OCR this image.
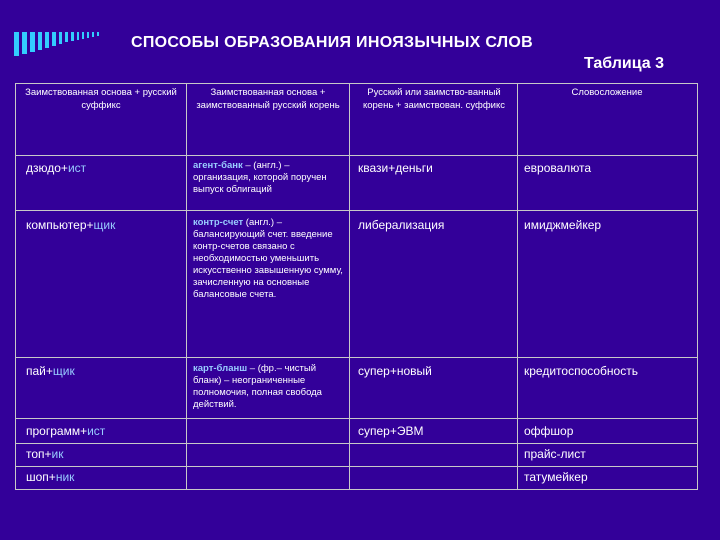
СПОСОБЫ ОБРАЗОВАНИЯ ИНОЯЗЫЧНЫХ СЛОВ
Таблица 3
Заимствованная основа + русский суффикс
Заимствованная основа + заимствованный русский корень
Русский или заимство-ванный корень + заимствован. суффикс
Словосложение
дзюдо+ист
компьютер+щик
пай+щик
программ+ист
топ+ик
шоп+ник
агент-банк – (англ.) – организация, которой поручен выпуск облигаций
контр-счет (англ.) – балансирующий счет. введение контр-счетов связано с необходимостью уменьшить искусственно завышенную сумму, зачисленную на основные балансовые счета.
карт-бланш – (фр.– чистый бланк) – неограниченные полномочия, полная свобода действий.
квази+деньги
либерализация
супер+новый
супер+ЭВМ
евровалюта
имиджмейкер
кредитоспособность
оффшор
прайс-лист
татумейкер
